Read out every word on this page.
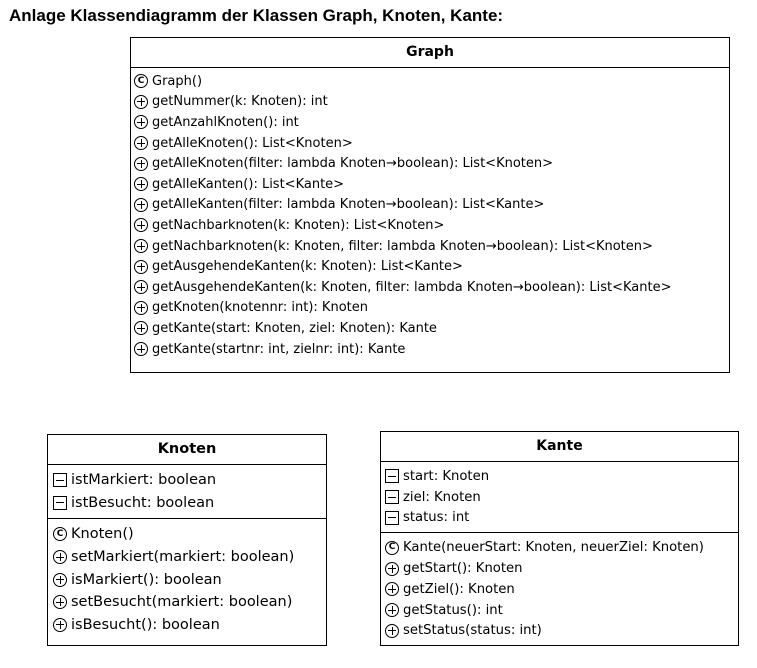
Anlage Klassendiagramm der Klassen Graph, Knoten, Kante:
Graph
C Graph()
getNummer(k: Knoten): int
getAnzahlKnoten(): int
getAlleKnoten(): List<Knoten>
getAlleKnoten(filter: lambda Knoten→boolean): List<Knoten>
getAlleKanten(): List<Kante>
getAlleKanten(filter: lambda Knoten→boolean): List<Kante>
getNachbarknoten(k: Knoten): List<Knoten>
getNachbarknoten(k: Knoten, filter: lambda Knoten→boolean): List<Knoten>
getAusgehendeKanten(k: Knoten): List<Kante>
getAusgehendeKanten(k: Knoten, filter: lambda Knoten→boolean): List<Kante>
getKnoten(knotennr: int): Knoten
getKante(start: Knoten, ziel: Knoten): Kante
getKante(startnr: int, zielnr: int): Kante
Knoten
istMarkiert: boolean
istBesucht: boolean
C Knoten()
setMarkiert(markiert: boolean)
isMarkiert(): boolean
setBesucht(markiert: boolean)
isBesucht(): boolean
Kante
start: Knoten
ziel: Knoten
status: int
C Kante(neuerStart: Knoten, neuerZiel: Knoten)
getStart(): Knoten
getZiel(): Knoten
getStatus(): int
setStatus(status: int)
